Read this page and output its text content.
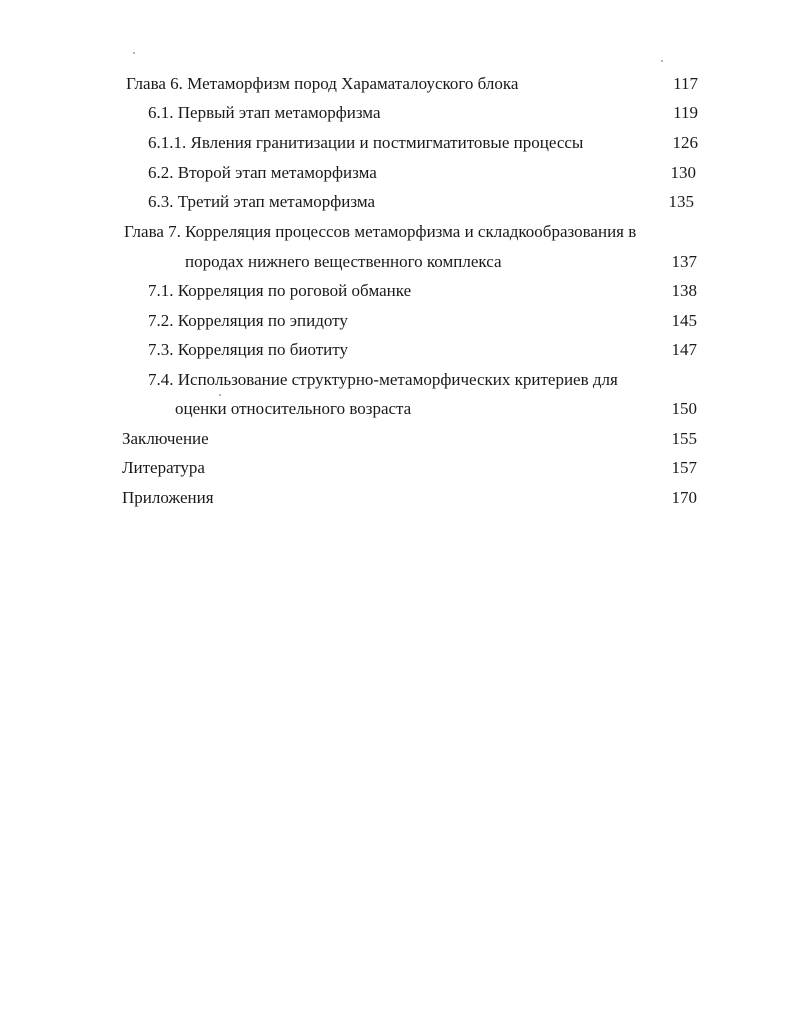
Глава 6. Метаморфизм пород Хараматалоуского блока	117
6.1. Первый этап метаморфизма	119
6.1.1. Явления гранитизации и постмигматитовые процессы	126
6.2. Второй этап метаморфизма	130
6.3. Третий этап метаморфизма	135
Глава 7. Корреляция процессов метаморфизма и складкообразования в
породах нижнего вещественного комплекса	137
7.1. Корреляция по роговой обманке	138
7.2. Корреляция по эпидоту	145
7.3. Корреляция по биотиту	147
7.4. Использование структурно-метаморфических критериев для
оценки относительного возраста	150
Заключение	155
Литература	157
Приложения	170
